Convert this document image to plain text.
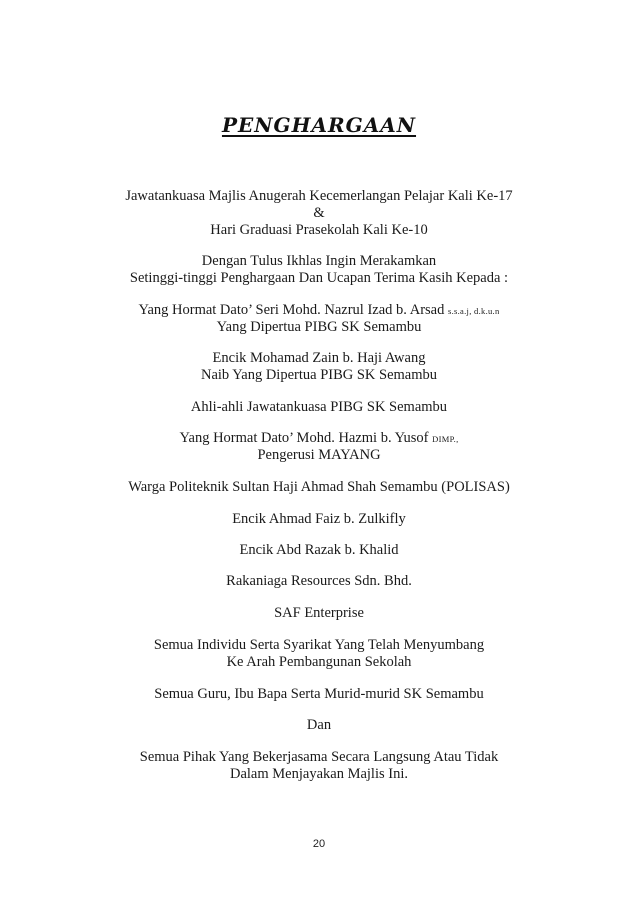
PENGHARGAAN
Jawatankuasa Majlis Anugerah Kecemerlangan Pelajar Kali Ke-17
&
Hari Graduasi Prasekolah Kali Ke-10
Dengan Tulus Ikhlas Ingin Merakamkan
Setinggi-tinggi Penghargaan Dan Ucapan Terima Kasih Kepada :
Yang Hormat Dato’ Seri Mohd. Nazrul Izad b. Arsad s.s.a.j, d.k.u.n
Yang Dipertua PIBG SK Semambu
Encik Mohamad Zain b. Haji Awang
Naib Yang Dipertua PIBG SK Semambu
Ahli-ahli Jawatankuasa PIBG SK Semambu
Yang Hormat Dato’ Mohd. Hazmi b. Yusof DIMP.,
Pengerusi MAYANG
Warga Politeknik Sultan Haji Ahmad Shah Semambu (POLISAS)
Encik Ahmad Faiz b. Zulkifly
Encik Abd Razak b. Khalid
Rakaniaga Resources Sdn. Bhd.
SAF Enterprise
Semua Individu Serta Syarikat Yang Telah Menyumbang
Ke Arah Pembangunan Sekolah
Semua Guru, Ibu Bapa Serta Murid-murid SK Semambu
Dan
Semua Pihak Yang Bekerjasama Secara Langsung Atau Tidak
Dalam Menjayakan Majlis Ini.
20
